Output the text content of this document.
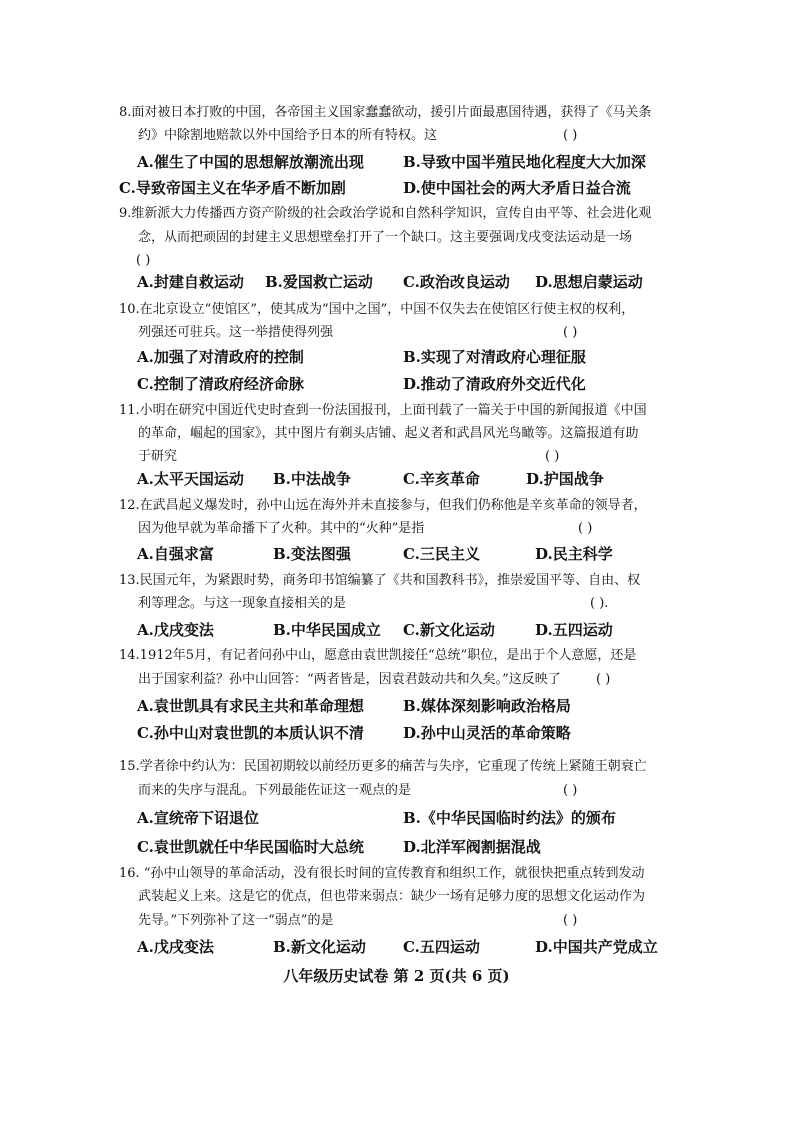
8.面对被日本打败的中国，各帝国主义国家蠢蠢欲动，援引片面最惠国待遇，获得了《马关条
约》中除割地赔款以外中国给予日本的所有特权。这	( )
A.催生了中国的思想解放潮流出现	B.导致中国半殖民地化程度大大加深
C.导致帝国主义在华矛盾不断加剧	D.使中国社会的两大矛盾日益合流
9.维新派大力传播西方资产阶级的社会政治学说和自然科学知识，宣传自由平等、社会进化观
念，从而把顽固的封建主义思想壁垒打开了一个缺口。这主要强调戊戌变法运动是一场
( )
A.封建自救运动 B.爱国救亡运动 C.政治改良运动 D.思想启蒙运动
10.在北京设立“使馆区”，使其成为“国中之国”，中国不仅失去在使馆区行使主权的权利，
列强还可驻兵。这一举措使得列强	( )
A.加强了对清政府的控制	B.实现了对清政府心理征服
C.控制了清政府经济命脉	D.推动了清政府外交近代化
11.小明在研究中国近代史时查到一份法国报刊，上面刊载了一篇关于中国的新闻报道《中国
的革命，崛起的国家》，其中图片有剃头店铺、起义者和武昌风光鸟瞰等。这篇报道有助
于研究	( )
A.太平天国运动 B.中法战争	C.辛亥革命	D.护国战争
12.在武昌起义爆发时，孙中山远在海外并未直接参与，但我们仍称他是辛亥革命的领导者，
因为他早就为革命播下了火种。其中的“火种”是指	( )
A.自强求富	B.变法图强	C.三民主义	D.民主科学
13.民国元年，为紧跟时势，商务印书馆编纂了《共和国教科书》，推崇爱国平等、自由、权
利等理念。与这一现象直接相关的是	( ).
A.戊戌变法	B.中华民国成立 C.新文化运动	D.五四运动
14.1912年5月，有记者问孙中山，愿意由袁世凯接任“总统”职位，是出于个人意愿，还是
出于国家利益？孙中山回答：“两者皆是，因袁君鼓动共和久矣。”这反映了	( )
A.袁世凯具有求民主共和革命理想	B.媒体深刻影响政治格局
C.孙中山对袁世凯的本质认识不清	D.孙中山灵活的革命策略
15.学者徐中约认为：民国初期较以前经历更多的痛苦与失序，它重现了传统上紧随王朝衰亡
而来的失序与混乱。下列最能佐证这一观点的是	( )
A.宣统帝下诏退位	B.《中华民国临时约法》的颁布
C.袁世凯就任中华民国临时大总统	D.北洋军阀割据混战
16. “孙中山领导的革命活动，没有很长时间的宣传教育和组织工作，就很快把重点转到发动
武装起义上来。这是它的优点，但也带来弱点：缺少一场有足够力度的思想文化运动作为
先导。”下列弥补了这一“弱点”的是	( )
A.戊戌变法	B.新文化运动 C.五四运动	D.中国共产党成立
八年级历史试卷 第 2 页(共 6 页)
